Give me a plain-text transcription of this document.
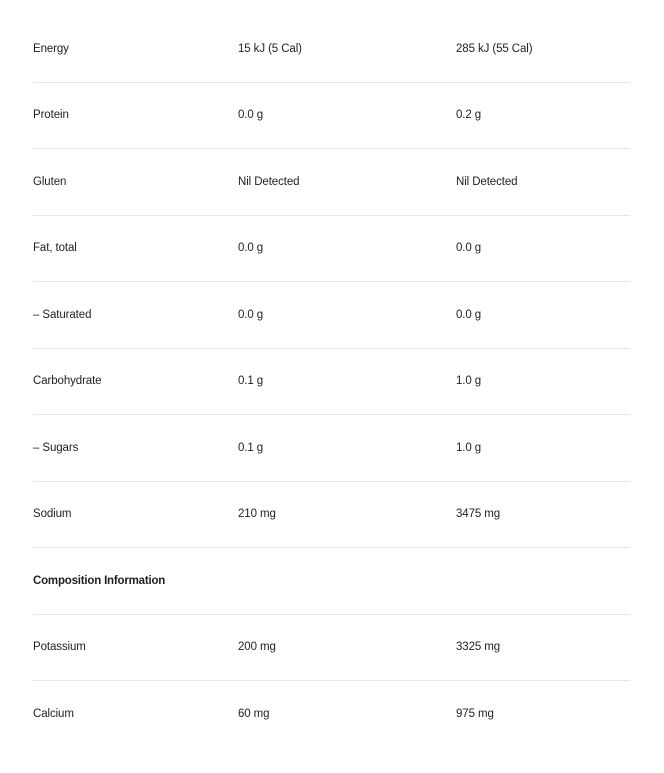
Energy	15 kJ (5 Cal)	285 kJ (55 Cal)
Protein	0.0 g	0.2 g
Gluten	Nil Detected	Nil Detected
Fat, total	0.0 g	0.0 g
– Saturated	0.0 g	0.0 g
Carbohydrate	0.1 g	1.0 g
– Sugars	0.1 g	1.0 g
Sodium	210 mg	3475 mg
Composition Information
Potassium	200 mg	3325 mg
Calcium	60 mg	975 mg
